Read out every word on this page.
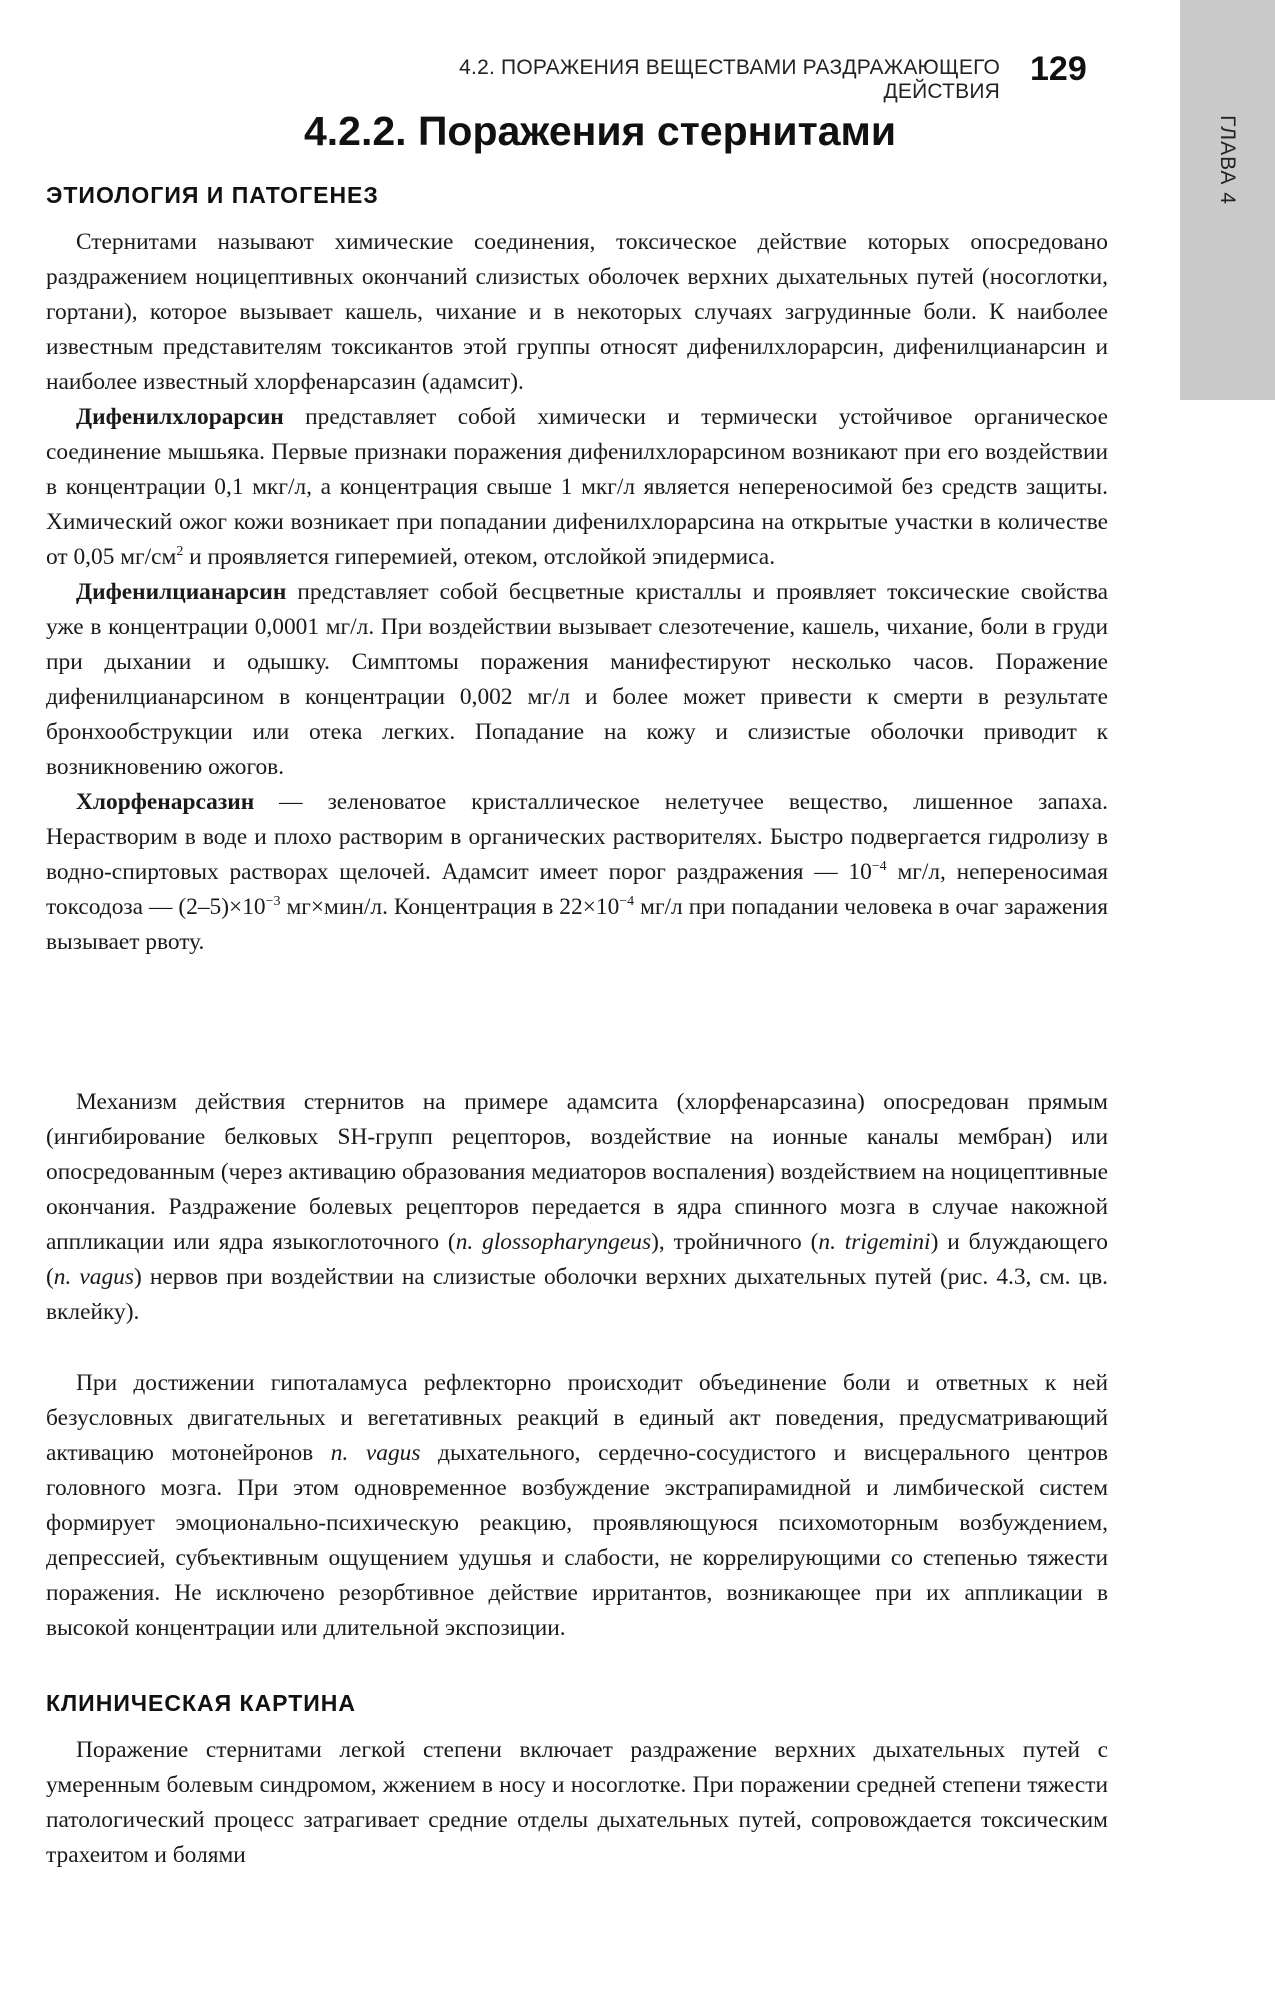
ГЛАВА 4
4.2. ПОРАЖЕНИЯ ВЕЩЕСТВАМИ РАЗДРАЖАЮЩЕГО ДЕЙСТВИЯ
129
4.2.2. Поражения стернитами
ЭТИОЛОГИЯ И ПАТОГЕНЕЗ

Стернитами называют химические соединения, токсическое действие которых опосредовано раздражением ноцицептивных окончаний слизистых оболочек верхних дыхательных путей (носоглотки, гортани), которое вызывает кашель, чихание и в некоторых случаях загрудинные боли. К наиболее известным представителям токсикантов этой группы относят дифенилхлорарсин, дифенилцианарсин и наиболее известный хлорфенарсазин (адамсит).

Дифенилхлорарсин представляет собой химически и термически устойчивое органическое соединение мышьяка. Первые признаки поражения дифенилхлорарсином возникают при его воздействии в концентрации 0,1 мкг/л, а концентрация свыше 1 мкг/л является непереносимой без средств защиты. Химический ожог кожи возникает при попадании дифенилхлорарсина на открытые участки в количестве от 0,05 $мг/см^2$ и проявляется гиперемией, отеком, отслойкой эпидермиса.

Дифенилцианарсин представляет собой бесцветные кристаллы и проявляет токсические свойства уже в концентрации 0,0001 мг/л. При воздействии вызывает слезотечение, кашель, чихание, боли в груди при дыхании и одышку. Симптомы поражения манифестируют несколько часов. Поражение дифенилцианарсином в концентрации 0,002 мг/л и более может привести к смерти в результате бронхообструкции или отека легких. Попадание на кожу и слизистые оболочки приводит к возникновению ожогов.

Хлорфенарсазин — зеленоватое кристаллическое нелетучее вещество, лишенное запаха. Нерастворим в воде и плохо растворим в органических растворителях. Быстро подвергается гидролизу в водно-спиртовых растворах щелочей. Адамсит имеет порог раздражения — $10^{-4}$ мг/л, непереносимая токсодоза — $(2-5)\times 10^{-3}$ мг×мин/л. Концентрация в $22\times 10^{-4}$ мг/л при попадании человека в очаг заражения вызывает рвоту.

Механизм действия стернитов на примере адамсита (хлорфенарсазина) опосредован прямым (ингибирование белковых SH-групп рецепторов, воздействие на ионные каналы мембран) или опосредованным (через активацию образования медиаторов воспаления) воздействием на ноцицептивные окончания. Раздражение болевых рецепторов передается в ядра спинного мозга в случае накожной аппликации или ядра языкоглоточного (n. glossopharyngeus), тройничного (n. trigemini) и блуждающего (n. vagus) нервов при воздействии на слизистые оболочки верхних дыхательных путей (рис. 4.3, см. цв. вклейку).

При достижении гипоталамуса рефлекторно происходит объединение боли и ответных к ней безусловных двигательных и вегетативных реакций в единый акт поведения, предусматривающий активацию мотонейронов n. vagus дыхательного, сердечно-сосудистого и висцерального центров головного мозга. При этом одновременное возбуждение экстрапирамидной и лимбической систем формирует эмоционально-психическую реакцию, проявляющуюся психомоторным возбуждением, депрессией, субъективным ощущением удушья и слабости, не коррелирующими со степенью тяжести поражения. Не исключено резорбтивное действие ирритантов, возникающее при их аппликации в высокой концентрации или длительной экспозиции.

КЛИНИЧЕСКАЯ КАРТИНА

Поражение стернитами легкой степени включает раздражение верхних дыхательных путей с умеренным болевым синдромом, жжением в носу и носоглотке. При поражении средней степени тяжести патологический процесс затрагивает средние отделы дыхательных путей, сопровождается токсическим трахеитом и болями
